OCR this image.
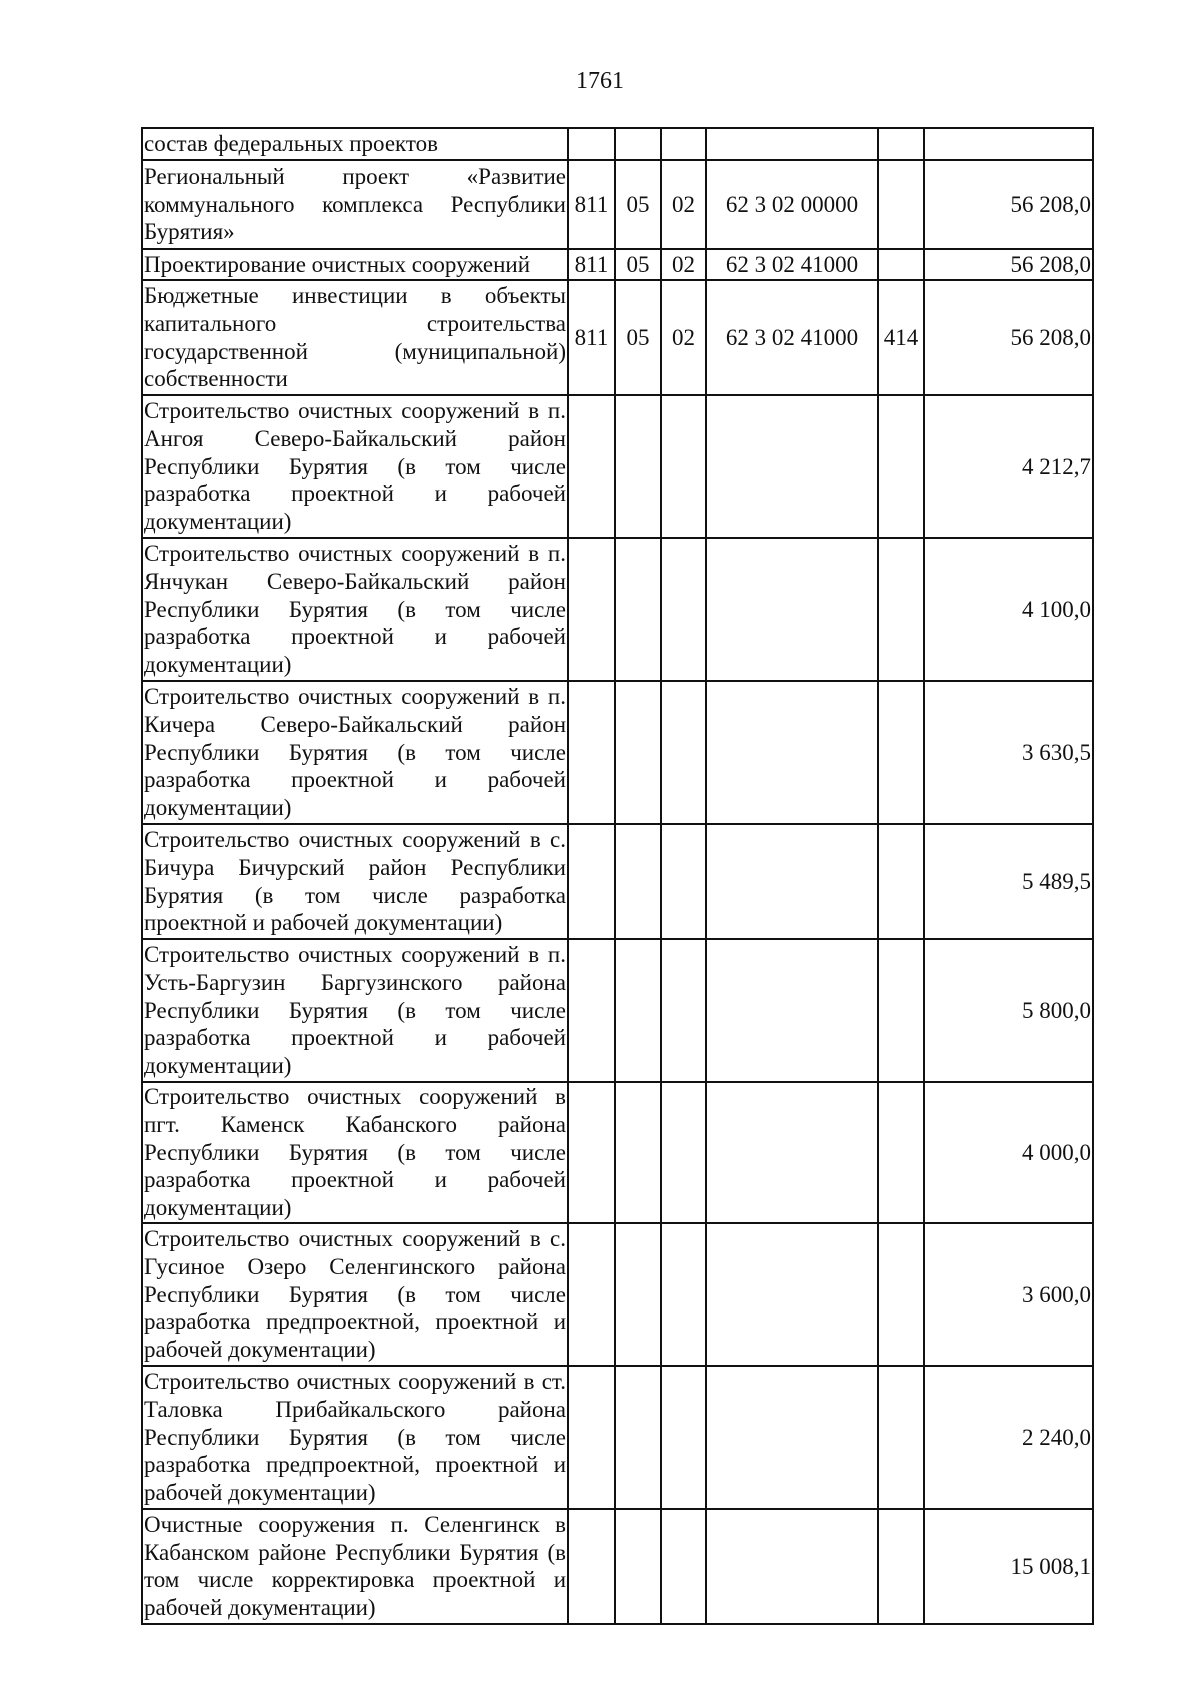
1761
состав федеральных проектов						
Региональный проект «Развитие коммунального комплекса Республики Бурятия»	811	05	02	62 3 02 00000		56 208,0
Проектирование очистных сооружений	811	05	02	62 3 02 41000		56 208,0
Бюджетные инвестиции в объекты капитального строительства государственной (муниципальной) собственности	811	05	02	62 3 02 41000	414	56 208,0
Строительство очистных сооружений в п. Ангоя Северо-Байкальский район Республики Бурятия (в том числе разработка проектной и рабочей документации)						4 212,7
Строительство очистных сооружений в п. Янчукан Северо-Байкальский район Республики Бурятия (в том числе разработка проектной и рабочей документации)						4 100,0
Строительство очистных сооружений в п. Кичера Северо-Байкальский район Республики Бурятия (в том числе разработка проектной и рабочей документации)						3 630,5
Строительство очистных сооружений в с. Бичура Бичурский район Республики Бурятия (в том числе разработка проектной и рабочей документации)						5 489,5
Строительство очистных сооружений в п. Усть-Баргузин Баргузинского района Республики Бурятия (в том числе разработка проектной и рабочей документации)						5 800,0
Строительство очистных сооружений в пгт. Каменск Кабанского района Республики Бурятия (в том числе разработка проектной и рабочей документации)						4 000,0
Строительство очистных сооружений в с. Гусиное Озеро Селенгинского района Республики Бурятия (в том числе разработка предпроектной, проектной и рабочей документации)						3 600,0
Строительство очистных сооружений в ст. Таловка Прибайкальского района Республики Бурятия (в том числе разработка предпроектной, проектной и рабочей документации)						2 240,0
Очистные сооружения п. Селенгинск в Кабанском районе Республики Бурятия (в том числе корректировка проектной и рабочей документации)						15 008,1
